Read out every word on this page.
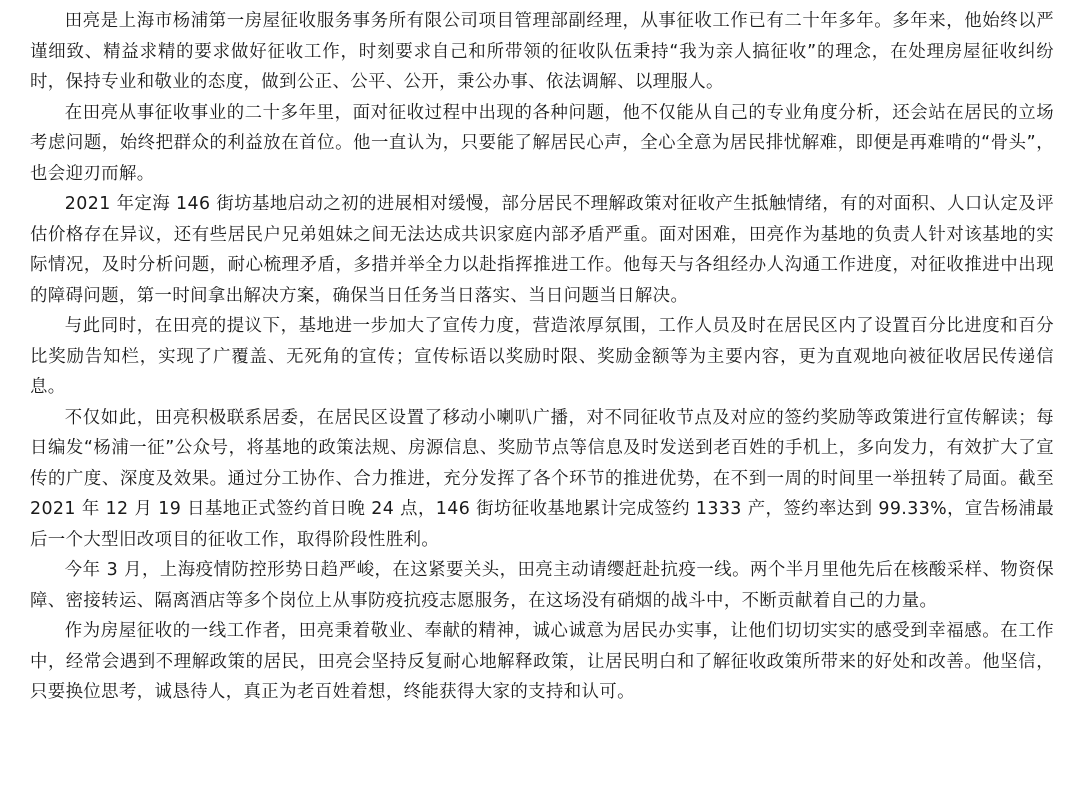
田亮是上海市杨浦第一房屋征收服务事务所有限公司项目管理部副经理，从事征收工作已有二十年多年。多年来，他始终以严谨细致、精益求精的要求做好征收工作，时刻要求自己和所带领的征收队伍秉持“我为亲人搞征收”的理念，在处理房屋征收纠纷时，保持专业和敬业的态度，做到公正、公平、公开，秉公办事、依法调解、以理服人。

在田亮从事征收事业的二十多年里，面对征收过程中出现的各种问题，他不仅能从自己的专业角度分析，还会站在居民的立场考虑问题，始终把群众的利益放在首位。他一直认为，只要能了解居民心声，全心全意为居民排忧解难，即便是再难啃的“骨头”，也会迎刃而解。

2021 年定海 146 街坊基地启动之初的进展相对缓慢，部分居民不理解政策对征收产生抵触情绪，有的对面积、人口认定及评估价格存在异议，还有些居民户兄弟姐妹之间无法达成共识家庭内部矛盾严重。面对困难，田亮作为基地的负责人针对该基地的实际情况，及时分析问题，耐心梳理矛盾，多措并举全力以赴指挥推进工作。他每天与各组经办人沟通工作进度，对征收推进中出现的障碍问题，第一时间拿出解决方案，确保当日任务当日落实、当日问题当日解决。

与此同时，在田亮的提议下，基地进一步加大了宣传力度，营造浓厚氛围，工作人员及时在居民区内了设置百分比进度和百分比奖励告知栏，实现了广覆盖、无死角的宣传；宣传标语以奖励时限、奖励金额等为主要内容，更为直观地向被征收居民传递信息。

不仅如此，田亮积极联系居委，在居民区设置了移动小喇叭广播，对不同征收节点及对应的签约奖励等政策进行宣传解读；每日编发“杨浦一征”公众号，将基地的政策法规、房源信息、奖励节点等信息及时发送到老百姓的手机上，多向发力，有效扩大了宣传的广度、深度及效果。通过分工协作、合力推进，充分发挥了各个环节的推进优势，在不到一周的时间里一举扭转了局面。截至 2021 年 12 月 19 日基地正式签约首日晚 24 点，146 街坊征收基地累计完成签约 1333 产，签约率达到 99.33%，宣告杨浦最后一个大型旧改项目的征收工作，取得阶段性胜利。

今年 3 月，上海疫情防控形势日趋严峻，在这紧要关头，田亮主动请缨赶赴抗疫一线。两个半月里他先后在核酸采样、物资保障、密接转运、隔离酒店等多个岗位上从事防疫抗疫志愿服务，在这场没有硝烟的战斗中，不断贡献着自己的力量。

作为房屋征收的一线工作者，田亮秉着敬业、奉献的精神，诚心诚意为居民办实事，让他们切切实实的感受到幸福感。在工作中，经常会遇到不理解政策的居民，田亮会坚持反复耐心地解释政策，让居民明白和了解征收政策所带来的好处和改善。他坚信，只要换位思考，诚恳待人，真正为老百姓着想，终能获得大家的支持和认可。
